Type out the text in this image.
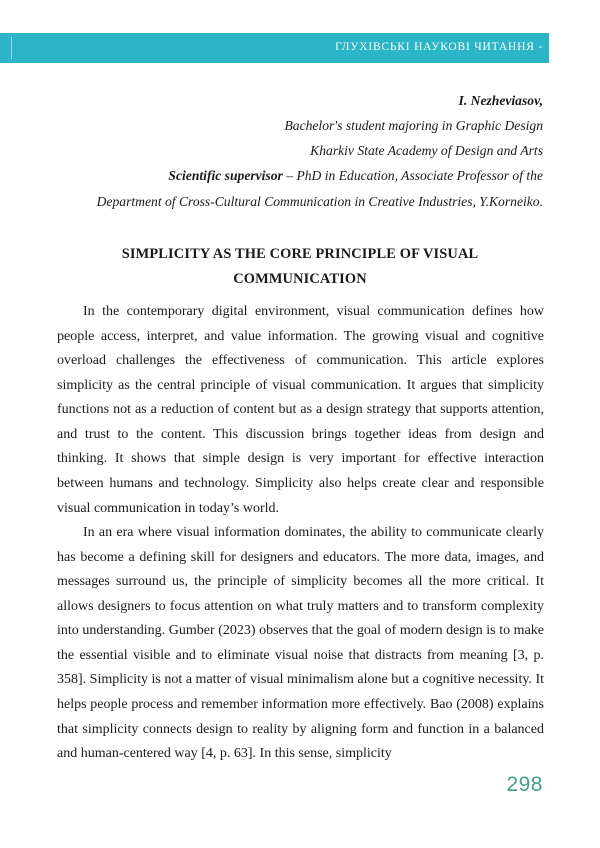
ГЛУХІВСЬКІ НАУКОВІ ЧИТАННЯ -
I. Nezheviasov,
Bachelor's student majoring in Graphic Design
Kharkiv State Academy of Design and Arts
Scientific supervisor – PhD in Education, Associate Professor of the
Department of Cross-Cultural Communication in Creative Industries, Y.Korneiko.
SIMPLICITY AS THE CORE PRINCIPLE OF VISUAL
COMMUNICATION

In the contemporary digital environment, visual communication defines how people access, interpret, and value information. The growing visual and cognitive overload challenges the effectiveness of communication. This article explores simplicity as the central principle of visual communication. It argues that simplicity functions not as a reduction of content but as a design strategy that supports attention, and trust to the content. This discussion brings together ideas from design and thinking. It shows that simple design is very important for effective interaction between humans and technology. Simplicity also helps create clear and responsible visual communication in today’s world.

In an era where visual information dominates, the ability to communicate clearly has become a defining skill for designers and educators. The more data, images, and messages surround us, the principle of simplicity becomes all the more critical. It allows designers to focus attention on what truly matters and to transform complexity into understanding. Gumber (2023) observes that the goal of modern design is to make the essential visible and to eliminate visual noise that distracts from meaning [3, p. 358]. Simplicity is not a matter of visual minimalism alone but a cognitive necessity. It helps people process and remember information more effectively. Bao (2008) explains that simplicity connects design to reality by aligning form and function in a balanced and human-centered way [4, p. 63]. In this sense, simplicity

298
